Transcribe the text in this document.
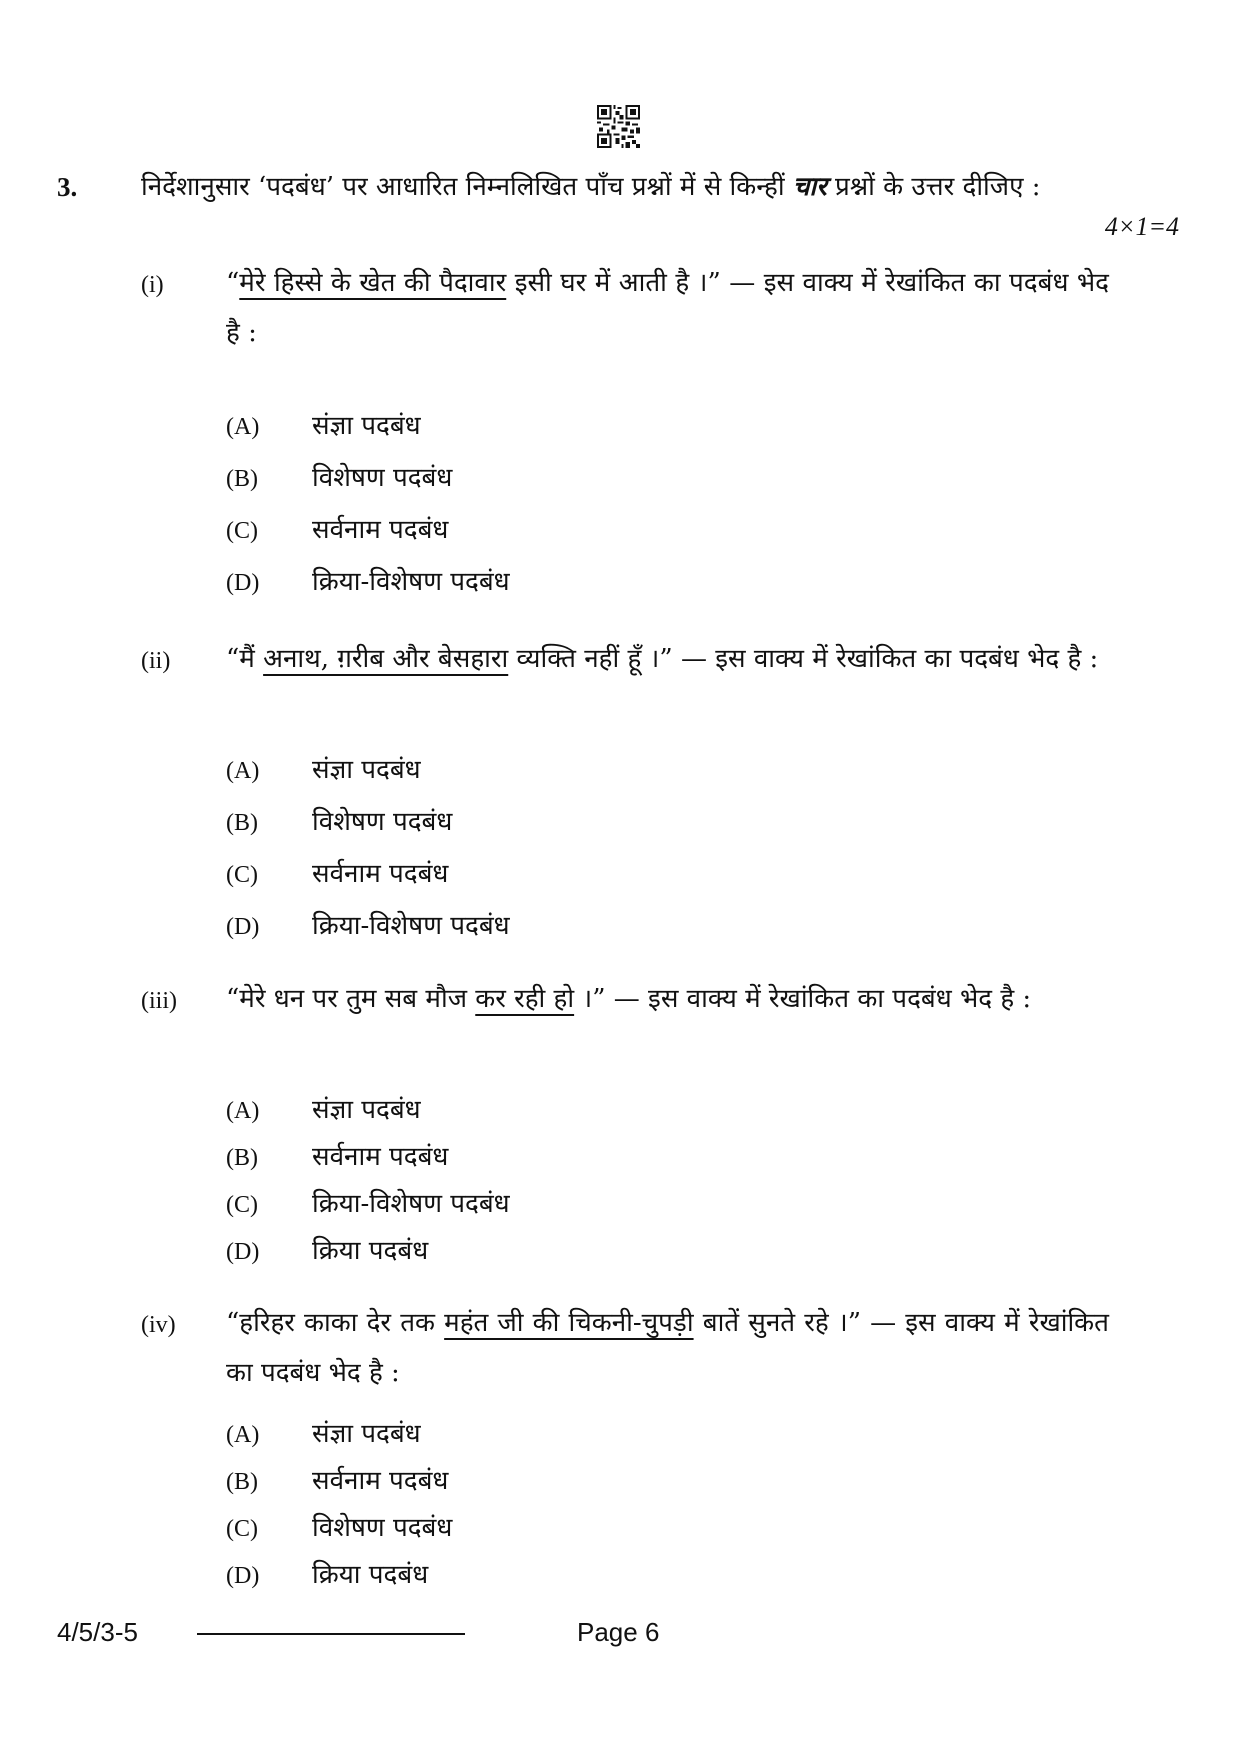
3. निर्देशानुसार ‘पदबंध’ पर आधारित निम्नलिखित पाँच प्रश्नों में से किन्हीं चार प्रश्नों के उत्तर दीजिए :
4×1=4
(i) “मेरे हिस्से के खेत की पैदावार इसी घर में आती है ।” — इस वाक्य में रेखांकित का पदबंध भेद है :
(A) संज्ञा पदबंध
(B) विशेषण पदबंध
(C) सर्वनाम पदबंध
(D) क्रिया-विशेषण पदबंध
(ii) “मैं अनाथ, ग़रीब और बेसहारा व्यक्ति नहीं हूँ ।” — इस वाक्य में रेखांकित का पदबंध भेद है :
(A) संज्ञा पदबंध
(B) विशेषण पदबंध
(C) सर्वनाम पदबंध
(D) क्रिया-विशेषण पदबंध
(iii) “मेरे धन पर तुम सब मौज कर रही हो ।” — इस वाक्य में रेखांकित का पदबंध भेद है :
(A) संज्ञा पदबंध
(B) सर्वनाम पदबंध
(C) क्रिया-विशेषण पदबंध
(D) क्रिया पदबंध
(iv) “हरिहर काका देर तक महंत जी की चिकनी-चुपड़ी बातें सुनते रहे ।” — इस वाक्य में रेखांकित का पदबंध भेद है :
(A) संज्ञा पदबंध
(B) सर्वनाम पदबंध
(C) विशेषण पदबंध
(D) क्रिया पदबंध
4/5/3-5	Page 6
